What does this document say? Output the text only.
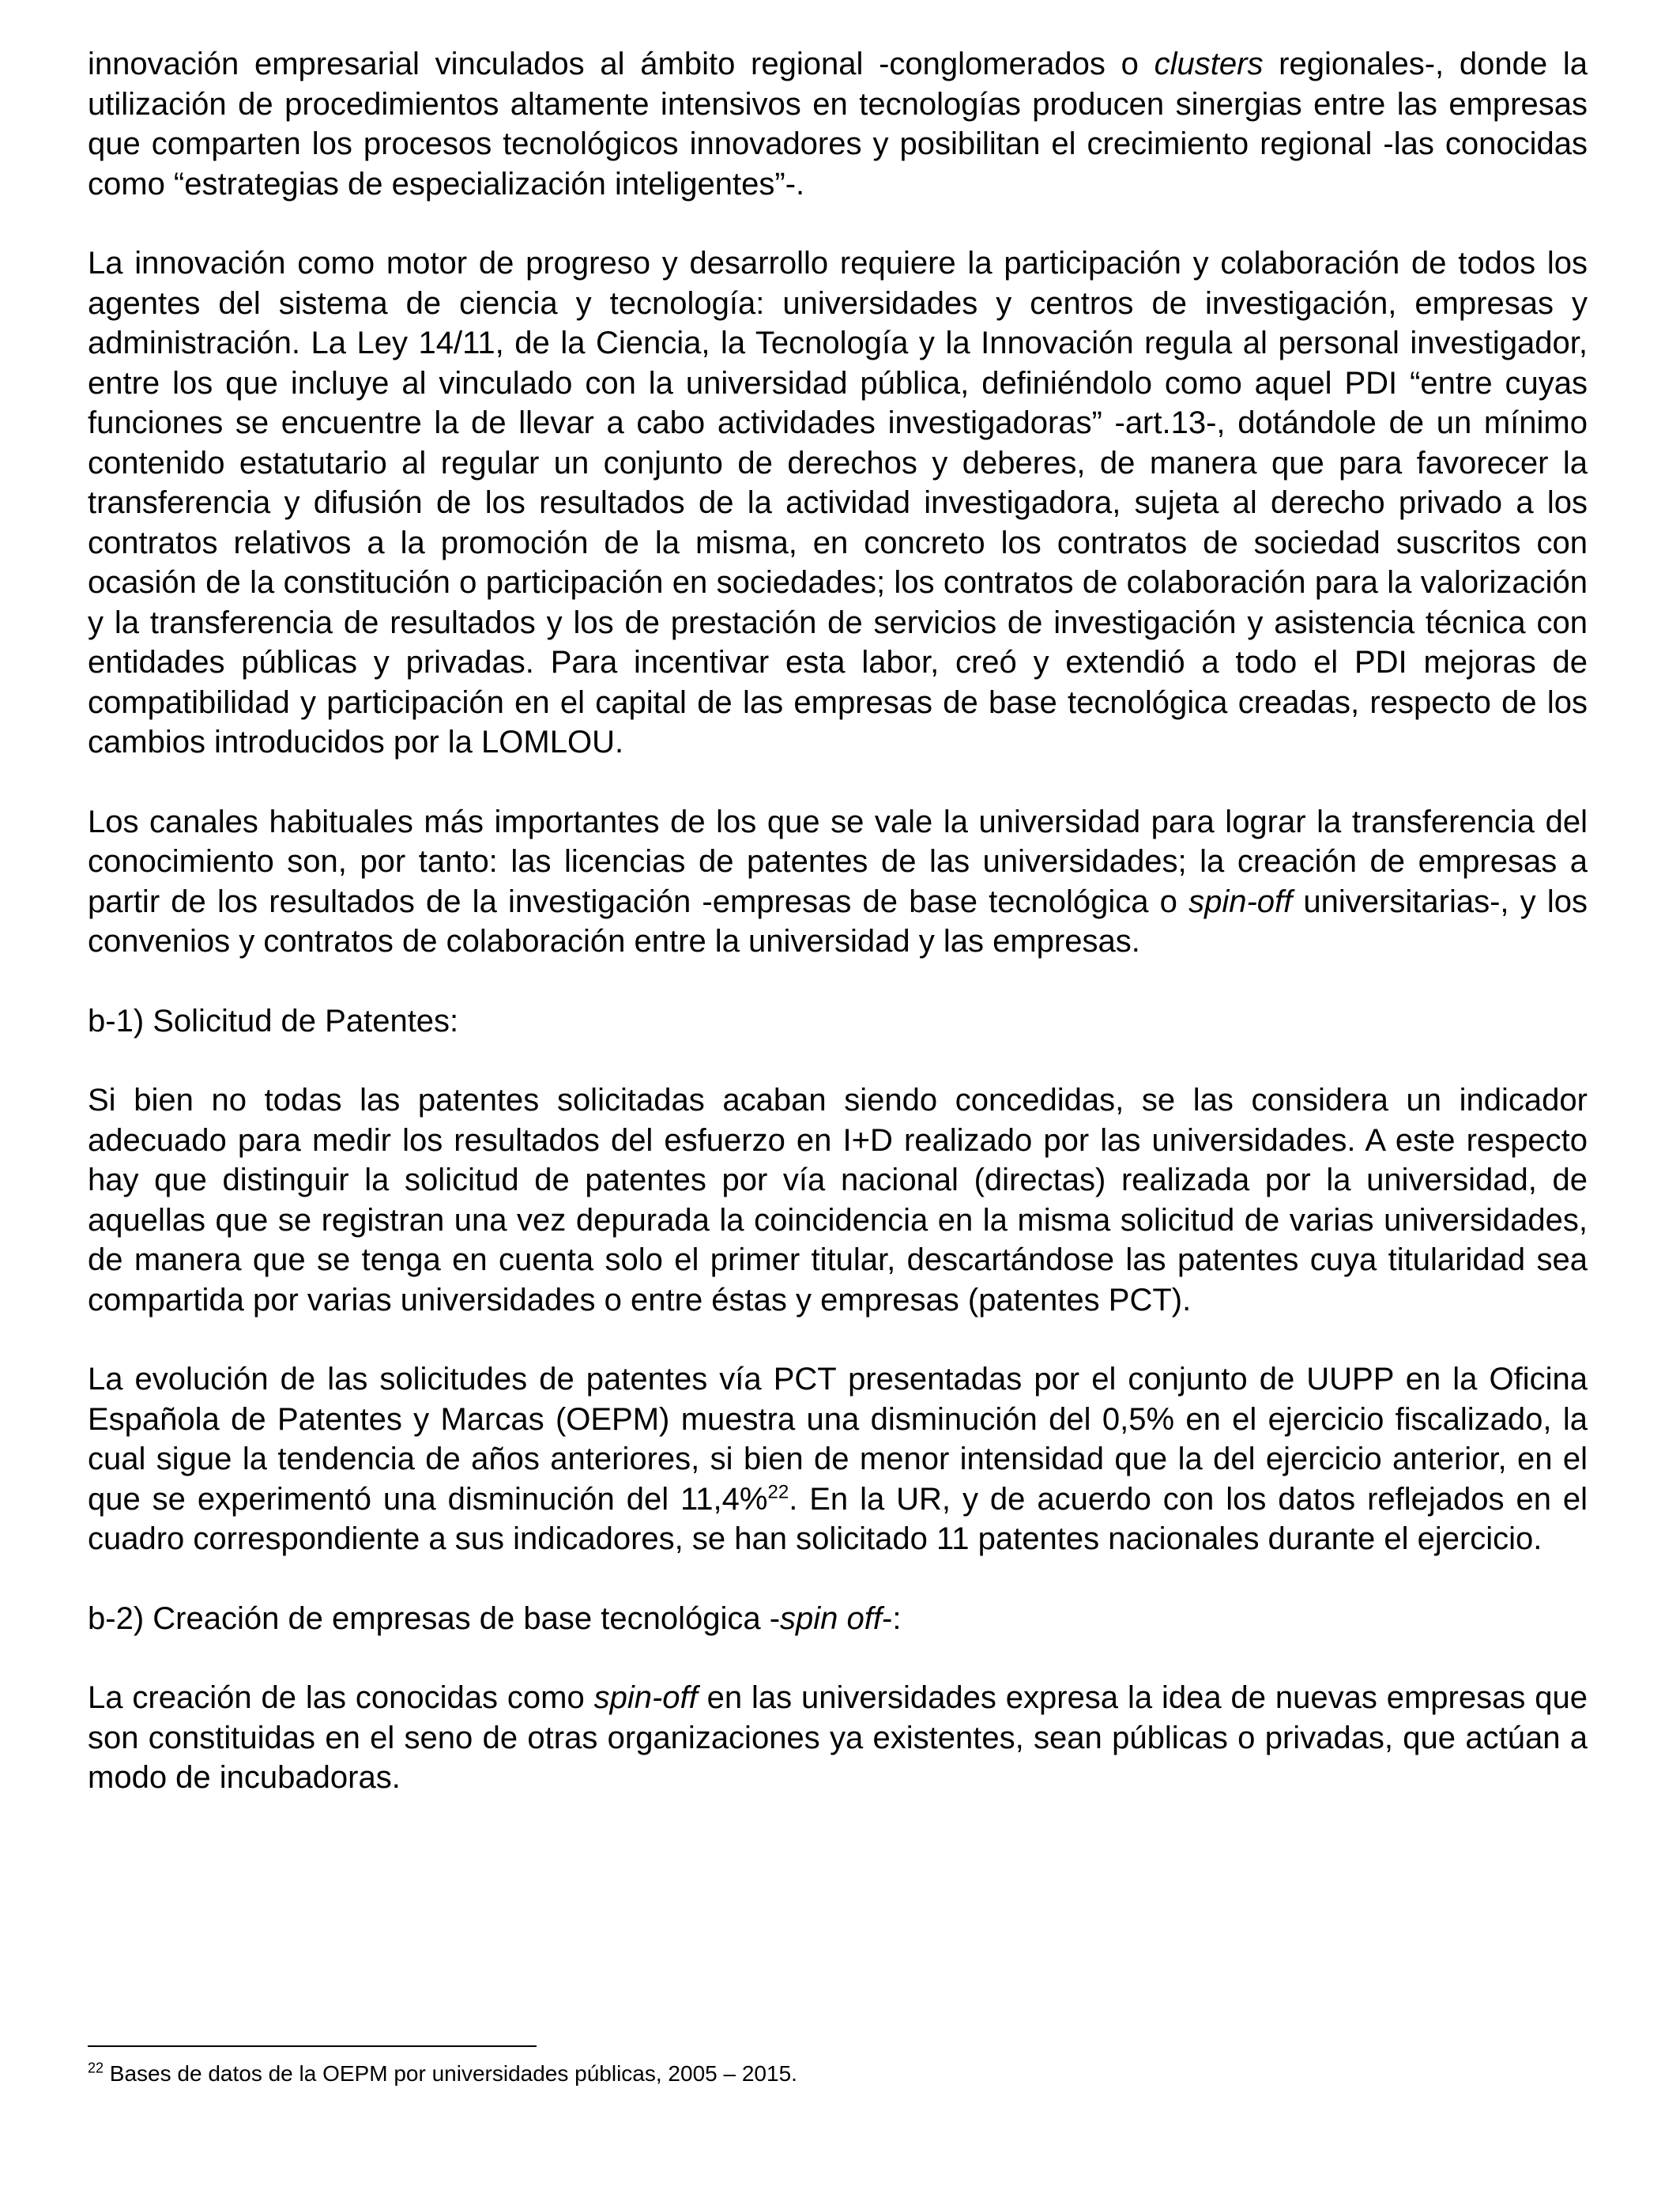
innovación empresarial vinculados al ámbito regional -conglomerados o clusters regionales-, donde la utilización de procedimientos altamente intensivos en tecnologías producen sinergias entre las empresas que comparten los procesos tecnológicos innovadores y posibilitan el crecimiento regional -las conocidas como “estrategias de especialización inteligentes”-.

La innovación como motor de progreso y desarrollo requiere la participación y colaboración de todos los agentes del sistema de ciencia y tecnología: universidades y centros de investigación, empresas y administración. La Ley 14/11, de la Ciencia, la Tecnología y la Innovación regula al personal investigador, entre los que incluye al vinculado con la universidad pública, definiéndolo como aquel PDI “entre cuyas funciones se encuentre la de llevar a cabo actividades investigadoras” -art.13-, dotándole de un mínimo contenido estatutario al regular un conjunto de derechos y deberes, de manera que para favorecer la transferencia y difusión de los resultados de la actividad investigadora, sujeta al derecho privado a los contratos relativos a la promoción de la misma, en concreto los contratos de sociedad suscritos con ocasión de la constitución o participación en sociedades; los contratos de colaboración para la valorización y la transferencia de resultados y los de prestación de servicios de investigación y asistencia técnica con entidades públicas y privadas. Para incentivar esta labor, creó y extendió a todo el PDI mejoras de compatibilidad y participación en el capital de las empresas de base tecnológica creadas, respecto de los cambios introducidos por la LOMLOU.

Los canales habituales más importantes de los que se vale la universidad para lograr la transferencia del conocimiento son, por tanto: las licencias de patentes de las universidades; la creación de empresas a partir de los resultados de la investigación -empresas de base tecnológica o spin-off universitarias-, y los convenios y contratos de colaboración entre la universidad y las empresas.

b-1) Solicitud de Patentes:

Si bien no todas las patentes solicitadas acaban siendo concedidas, se las considera un indicador adecuado para medir los resultados del esfuerzo en I+D realizado por las universidades. A este respecto hay que distinguir la solicitud de patentes por vía nacional (directas) realizada por la universidad, de aquellas que se registran una vez depurada la coincidencia en la misma solicitud de varias universidades, de manera que se tenga en cuenta solo el primer titular, descartándose las patentes cuya titularidad sea compartida por varias universidades o entre éstas y empresas (patentes PCT).

La evolución de las solicitudes de patentes vía PCT presentadas por el conjunto de UUPP en la Oficina Española de Patentes y Marcas (OEPM) muestra una disminución del 0,5% en el ejercicio fiscalizado, la cual sigue la tendencia de años anteriores, si bien de menor intensidad que la del ejercicio anterior, en el que se experimentó una disminución del 11,4%$^{22}$. En la UR, y de acuerdo con los datos reflejados en el cuadro correspondiente a sus indicadores, se han solicitado 11 patentes nacionales durante el ejercicio.

b-2) Creación de empresas de base tecnológica -spin off-:

La creación de las conocidas como spin-off en las universidades expresa la idea de nuevas empresas que son constituidas en el seno de otras organizaciones ya existentes, sean públicas o privadas, que actúan a modo de incubadoras.

$^{22}$ Bases de datos de la OEPM por universidades públicas, 2005 – 2015.
